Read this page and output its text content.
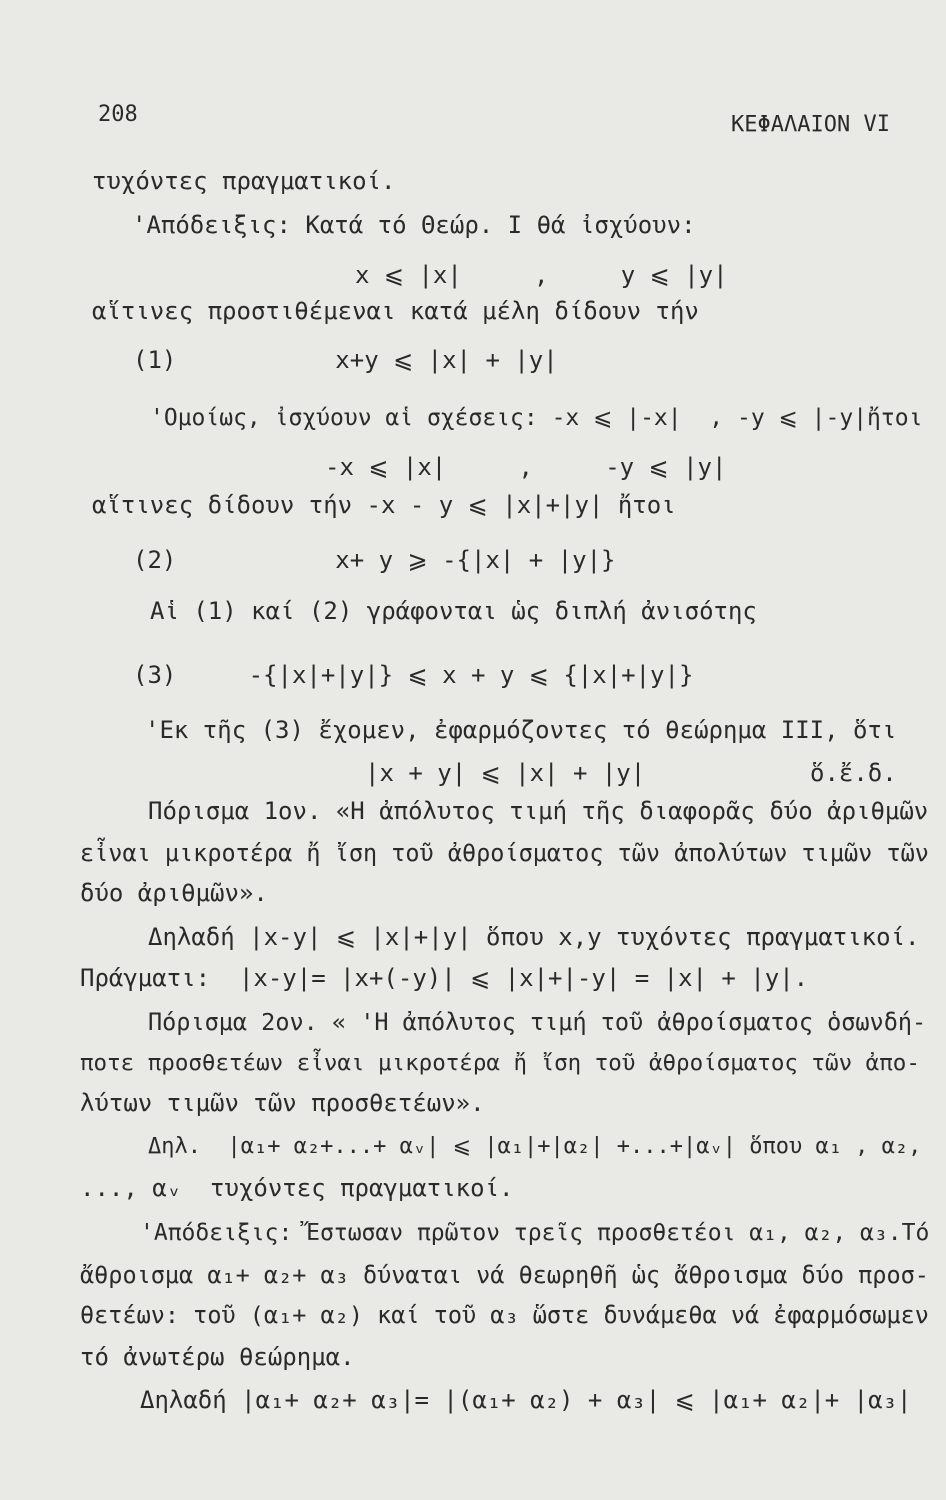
208	ΚΕΦΑΛΑΙΟΝ VI
τυχόντες πραγματικοί.
'Απόδειξις: Κατά τό Θεώρ. Ι θά ἰσχύουν:
x ⩽ |x|     ,     y ⩽ |y|
αἵτινες προστιθέμεναι κατά μέλη δίδουν τήν
(1)           x+y ⩽ |x| + |y|
'Ομοίως, ἰσχύουν αἱ σχέσεις: -x ⩽ |-x|  , -y ⩽ |-y|ἤτοι
-x ⩽ |x|     ,     -y ⩽ |y|
αἵτινες δίδουν τήν -x - y ⩽ |x|+|y| ἤτοι
(2)           x+ y ⩾ -{|x| + |y|}
Αἱ (1) καί (2) γράφονται ὡς διπλή ἀνισότης
(3)     -{|x|+|y|} ⩽ x + y ⩽ {|x|+|y|}
'Εκ τῆς (3) ἔχομεν, ἐφαρμόζοντες τό θεώρημα ΙΙΙ, ὅτι
|x + y| ⩽ |x| + |y|	ὅ.ἔ.δ.
Πόρισμα 1ον. «Η ἀπόλυτος τιμή τῆς διαφορᾶς δύο ἀριθμῶν
εἶναι μικροτέρα ἤ ἴση τοῦ ἀθροίσματος τῶν ἀπολύτων τιμῶν τῶν
δύο ἀριθμῶν».
Δηλαδή |x-y| ⩽ |x|+|y| ὅπου x,y τυχόντες πραγματικοί.
Πράγματι:  |x-y|= |x+(-y)| ⩽ |x|+|-y| = |x| + |y|.
Πόρισμα 2ον. « 'Η ἀπόλυτος τιμή τοῦ ἀθροίσματος ὁσωνδή-
ποτε προσθετέων εἶναι μικροτέρα ἤ ἴση τοῦ ἀθροίσματος τῶν ἀπο-
λύτων τιμῶν τῶν προσθετέων».
Δηλ.  |α₁+ α₂+...+ αᵥ| ⩽ |α₁|+|α₂| +...+|αᵥ| ὅπου α₁ , α₂,
..., αᵥ  τυχόντες πραγματικοί.
'Απόδειξις: Ἔστωσαν πρῶτον τρεῖς προσθετέοι α₁, α₂, α₃.Τό
ἄθροισμα α₁+ α₂+ α₃ δύναται νά θεωρηθῆ ὡς ἄθροισμα δύο προσ-
θετέων: τοῦ (α₁+ α₂) καί τοῦ α₃ ὥστε δυνάμεθα νά ἐφαρμόσωμεν
τό ἀνωτέρω θεώρημα.
Δηλαδή |α₁+ α₂+ α₃|= |(α₁+ α₂) + α₃| ⩽ |α₁+ α₂|+ |α₃|
